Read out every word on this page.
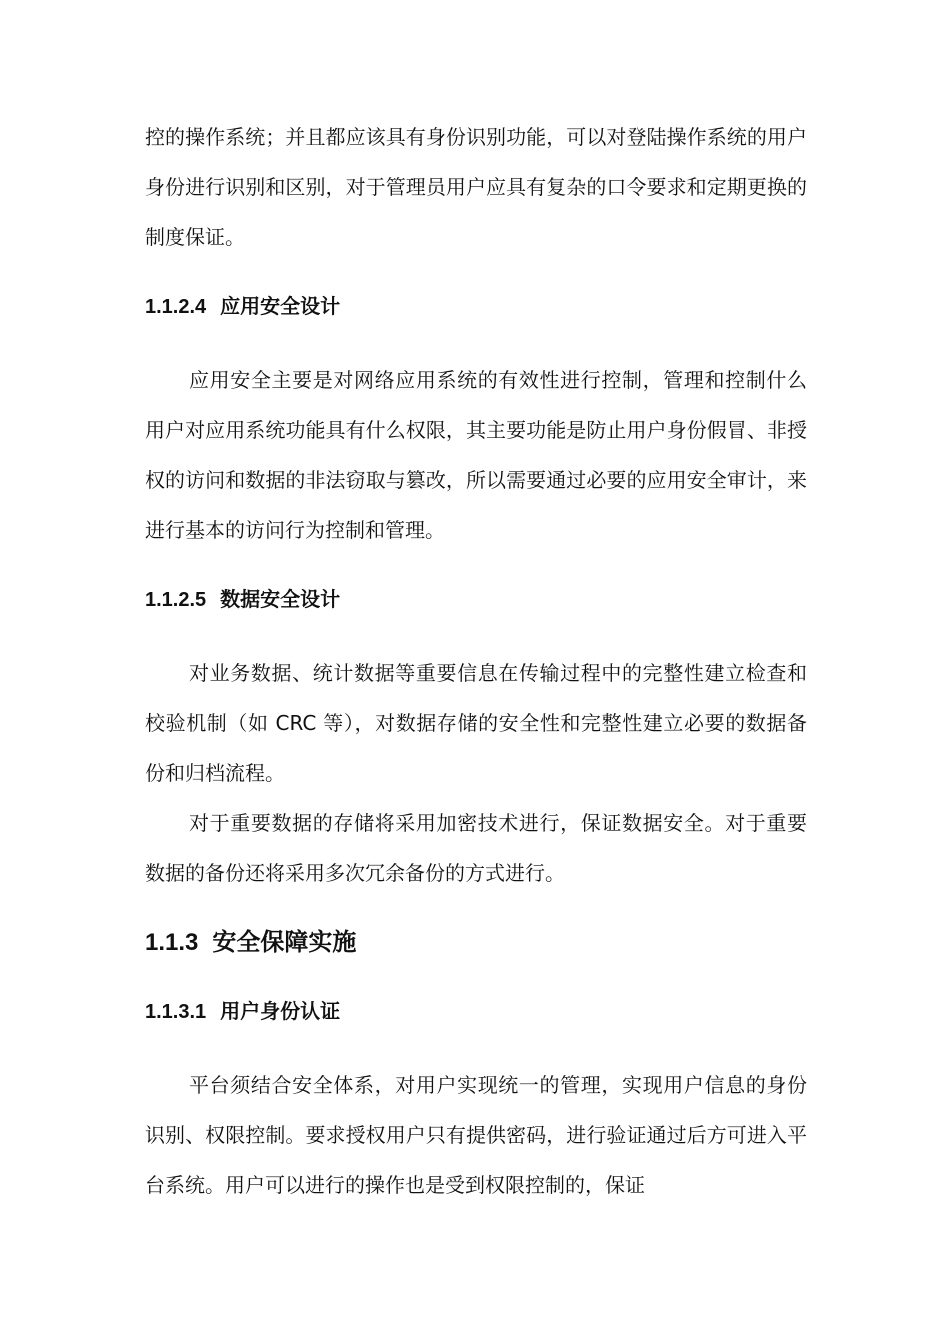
控的操作系统；并且都应该具有身份识别功能，可以对登陆操作系统的用户身份进行识别和区别，对于管理员用户应具有复杂的口令要求和定期更换的制度保证。

1.1.2.4 应用安全设计

应用安全主要是对网络应用系统的有效性进行控制，管理和控制什么用户对应用系统功能具有什么权限，其主要功能是防止用户身份假冒、非授权的访问和数据的非法窃取与篡改，所以需要通过必要的应用安全审计，来进行基本的访问行为控制和管理。

1.1.2.5 数据安全设计

对业务数据、统计数据等重要信息在传输过程中的完整性建立检查和校验机制（如 CRC 等），对数据存储的安全性和完整性建立必要的数据备份和归档流程。

对于重要数据的存储将采用加密技术进行，保证数据安全。对于重要数据的备份还将采用多次冗余备份的方式进行。

1.1.3 安全保障实施
1.1.3.1 用户身份认证

平台须结合安全体系，对用户实现统一的管理，实现用户信息的身份识别、权限控制。要求授权用户只有提供密码，进行验证通过后方可进入平台系统。用户可以进行的操作也是受到权限控制的，保证
